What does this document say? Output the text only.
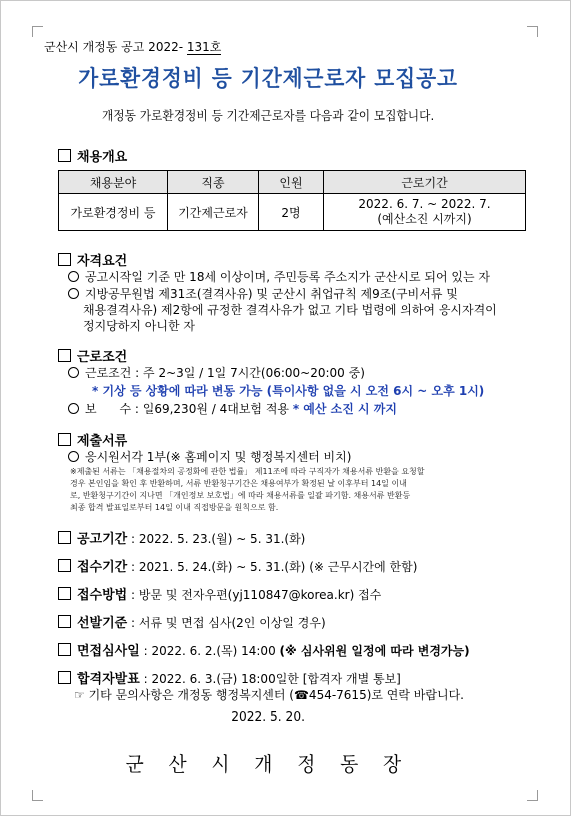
군산시 개정동 공고 2022- 131호
가로환경정비 등 기간제근로자 모집공고
개정동 가로환경정비 등 기간제근로자를 다음과 같이 모집합니다.
채용개요
채용분야	직종	인원	근로기간
가로환경정비 등	기간제근로자	2명	2022. 6. 7. ~ 2022. 7.
(예산소진 시까지)
자격요건
공고시작일 기준 만 18세 이상이며, 주민등록 주소지가 군산시로 되어 있는 자
지방공무원법 제31조(결격사유) 및 군산시 취업규칙 제9조(구비서류 및
채용결격사유) 제2항에 규정한 결격사유가 없고 기타 법령에 의하여 응시자격이
정지당하지 아니한 자
근로조건
근로조건 : 주 2~3일 / 1일 7시간(06:00~20:00 중)
* 기상 등 상황에 따라 변동 가능 (특이사항 없을 시 오전 6시 ~ 오후 1시)
보      수 : 일69,230원 / 4대보험 적용 * 예산 소진 시 까지
제출서류
응시원서각 1부(※ 홈페이지 및 행정복지센터 비치)
※제출된 서류는 「채용절차의 공정화에 관한 법률」 제11조에 따라 구직자가 채용서류 반환을 요청할
경우 본인임을 확인 후 반환하며, 서류 반환청구기간은 채용여부가 확정된 날 이후부터 14일 이내
로, 반환청구기간이 지나면 「개인정보 보호법」에 따라 채용서류를 일괄 파기함. 채용서류 반환등
최종 합격 발표일로부터 14일 이내 직접방문을 원칙으로 함.
공고기간 : 2022. 5. 23.(월) ~ 5. 31.(화)
접수기간 : 2021. 5. 24.(화) ~ 5. 31.(화) (※ 근무시간에 한함)
접수방법 : 방문 및 전자우편(yj110847@korea.kr) 접수
선발기준 : 서류 및 면접 심사(2인 이상일 경우)
면접심사일 : 2022. 6. 2.(목) 14:00 (※ 심사위원 일정에 따라 변경가능)
합격자발표 : 2022. 6. 3.(금) 18:00일한 [합격자 개별 통보]
☞ 기타 문의사항은 개정동 행정복지센터 (☎454-7615)로 연락 바랍니다.
2022. 5. 20.
군 산 시 개 정 동 장
